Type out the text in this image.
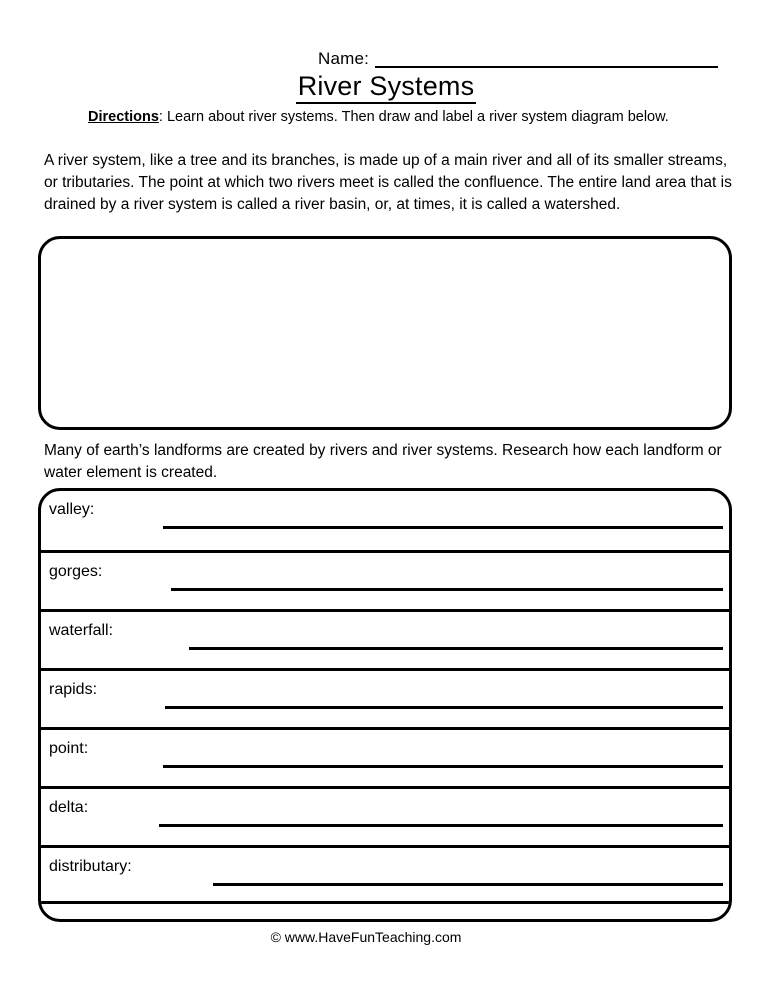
Name:
River Systems
Directions: Learn about river systems. Then draw and label a river system diagram below.
A river system, like a tree and its branches, is made up of a main river and all of its smaller streams, or tributaries. The point at which two rivers meet is called the confluence. The entire land area that is drained by a river system is called a river basin, or, at times, it is called a watershed.
Many of earth’s landforms are created by rivers and river systems. Research how each landform or water element is created.
valley:
gorges:
waterfall:
rapids:
point:
delta:
distributary:
© www.HaveFunTeaching.com
